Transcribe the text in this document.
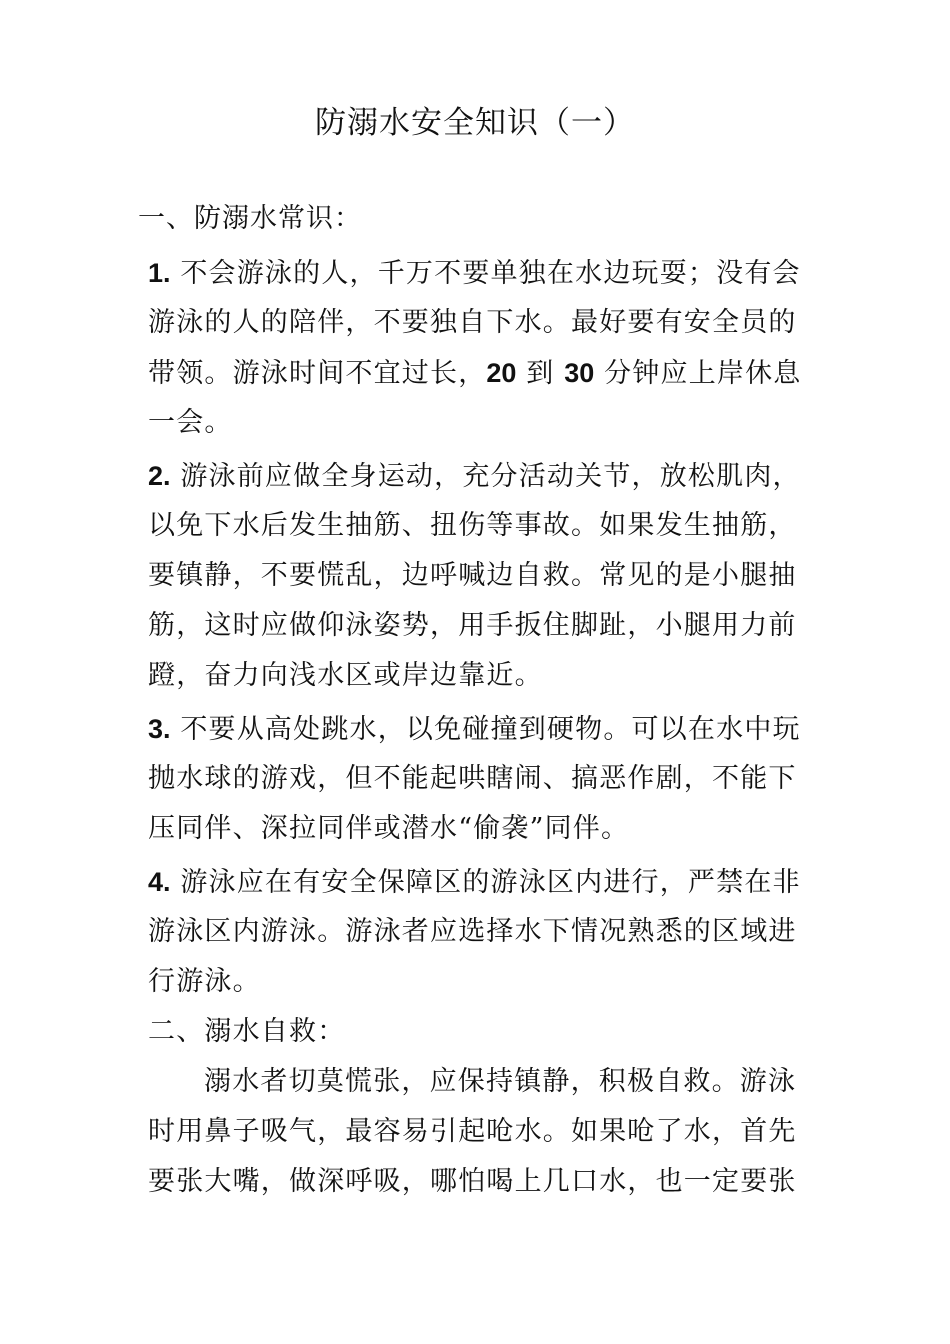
防溺水安全知识（一）
一、防溺水常识：
1. 不会游泳的人，千万不要单独在水边玩耍；没有会
游泳的人的陪伴，不要独自下水。最好要有安全员的
带领。游泳时间不宜过长，20 到 30 分钟应上岸休息
一会。
2. 游泳前应做全身运动，充分活动关节，放松肌肉，
以免下水后发生抽筋、扭伤等事故。如果发生抽筋，
要镇静，不要慌乱，边呼喊边自救。常见的是小腿抽
筋，这时应做仰泳姿势，用手扳住脚趾，小腿用力前
蹬，奋力向浅水区或岸边靠近。
3. 不要从高处跳水，以免碰撞到硬物。可以在水中玩
抛水球的游戏，但不能起哄瞎闹、搞恶作剧，不能下
压同伴、深拉同伴或潜水“偷袭”同伴。
4. 游泳应在有安全保障区的游泳区内进行，严禁在非
游泳区内游泳。游泳者应选择水下情况熟悉的区域进
行游泳。
二、溺水自救：
溺水者切莫慌张，应保持镇静，积极自救。游泳
时用鼻子吸气，最容易引起呛水。如果呛了水，首先
要张大嘴，做深呼吸，哪怕喝上几口水，也一定要张
